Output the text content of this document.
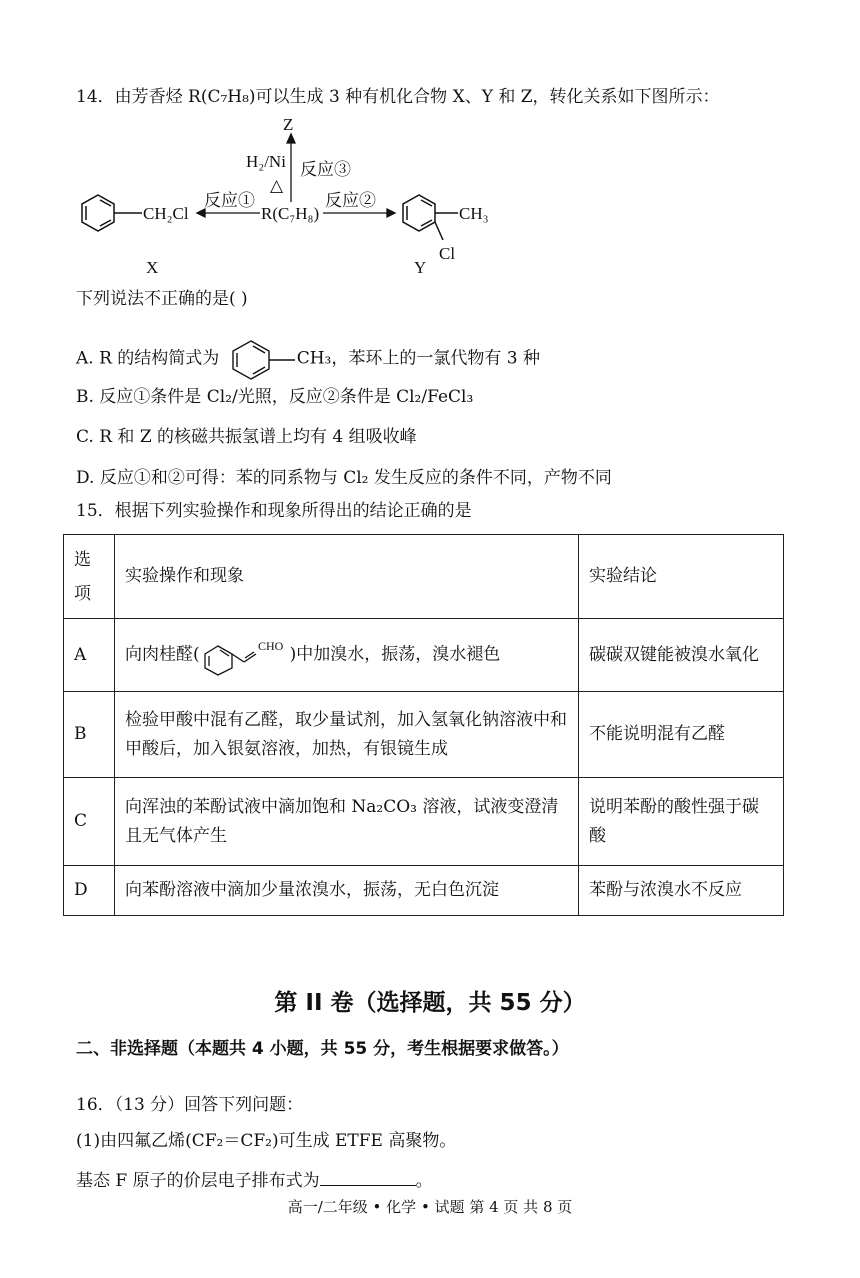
14．由芳香烃 R(C₇H₈)可以生成 3 种有机化合物 X、Y 和 Z，转化关系如下图所示：
CH₂Cl
反应①
R(C₇H₈)
Z
H₂/Ni
△
反应③
反应②
CH₃
Cl
X	Y
下列说法不正确的是( )
A. R 的结构简式为	CH₃，苯环上的一氯代物有 3 种
B. 反应①条件是 Cl₂/光照，反应②条件是 Cl₂/FeCl₃
C. R 和 Z 的核磁共振氢谱上均有 4 组吸收峰
D. 反应①和②可得：苯的同系物与 Cl₂ 发生反应的条件不同，产物不同
15．根据下列实验操作和现象所得出的结论正确的是
选项	实验操作和现象	实验结论
A	向肉桂醛( CHO )中加溴水，振荡，溴水褪色	碳碳双键能被溴水氧化
B	检验甲酸中混有乙醛，取少量试剂，加入氢氧化钠溶液中和甲酸后，加入银氨溶液，加热，有银镜生成	不能说明混有乙醛
C	向浑浊的苯酚试液中滴加饱和 Na₂CO₃ 溶液，试液变澄清且无气体产生	说明苯酚的酸性强于碳酸
D	向苯酚溶液中滴加少量浓溴水，振荡，无白色沉淀	苯酚与浓溴水不反应
第 II 卷（选择题，共 55 分）
二、非选择题（本题共 4 小题，共 55 分，考生根据要求做答。）
16．（13 分）回答下列问题：
(1)由四氟乙烯(CF₂＝CF₂)可生成 ETFE 高聚物。
基态 F 原子的价层电子排布式为	。
高一/二年级 • 化学 • 试题 第 4 页 共 8 页
